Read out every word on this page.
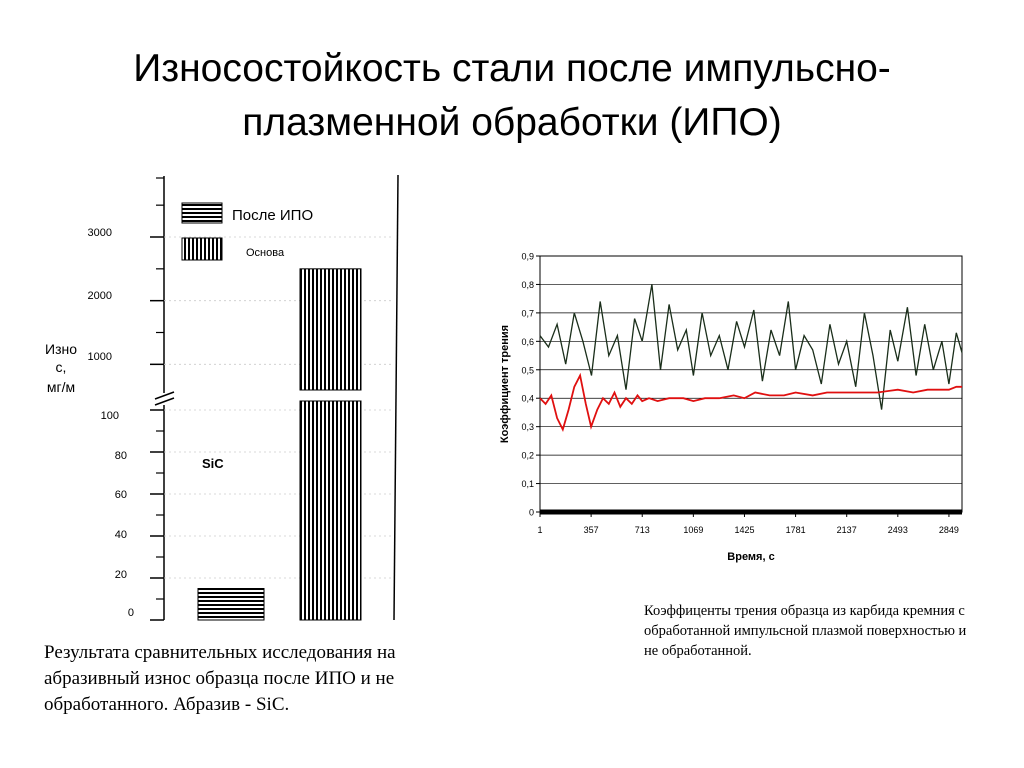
Износостойкость стали после импульсно-
плазменной обработки (ИПО)
3000
2000
1000
100
80
60
40
20
0
Изно
с,
мг/м
После ИПО
Основа
SiC
0
0,1
0,2
0,3
0,4
0,5
0,6
0,7
0,8
0,9
1	357	713	1069	1425	1781	2137	2493	2849
Коэффициент трения
Время, с
Результата сравнительных исследования на абразивный износ образца после ИПО и не обработанного. Абразив - SiC.
Коэффиценты трения образца из карбида кремния с обработанной импульсной плазмой поверхностью и не обработанной.
